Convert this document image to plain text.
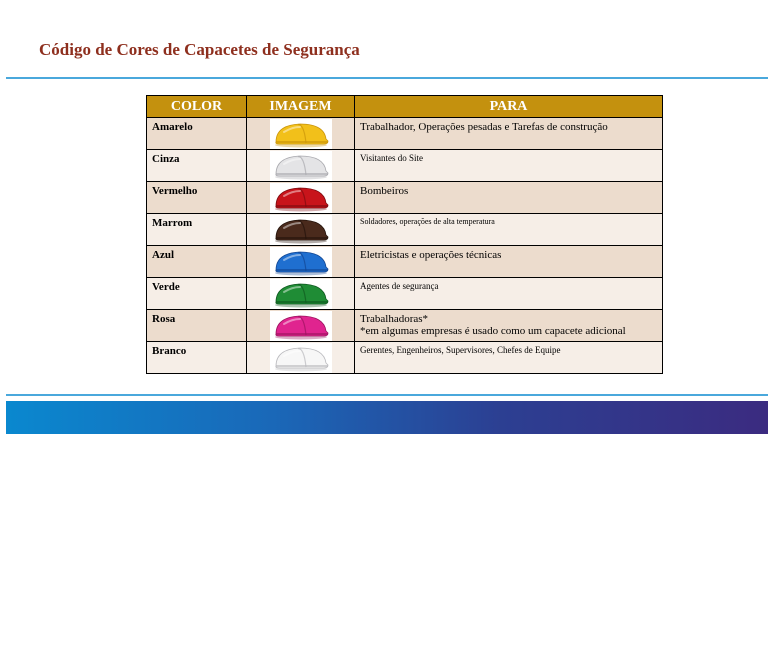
Código de Cores de Capacetes de Segurança
COLOR	IMAGEM	PARA
Amarelo		Trabalhador, Operações pesadas e Tarefas de construção

Cinza		Visitantes do Site

Vermelho		Bombeiros

Marrom		Soldadores, operações de alta temperatura

Azul		Eletricistas e operações técnicas

Verde		Agentes de segurança

Rosa		Trabalhadoras*
*em algumas empresas é usado como um capacete adicional

Branco		Gerentes, Engenheiros, Supervisores, Chefes de Equipe
